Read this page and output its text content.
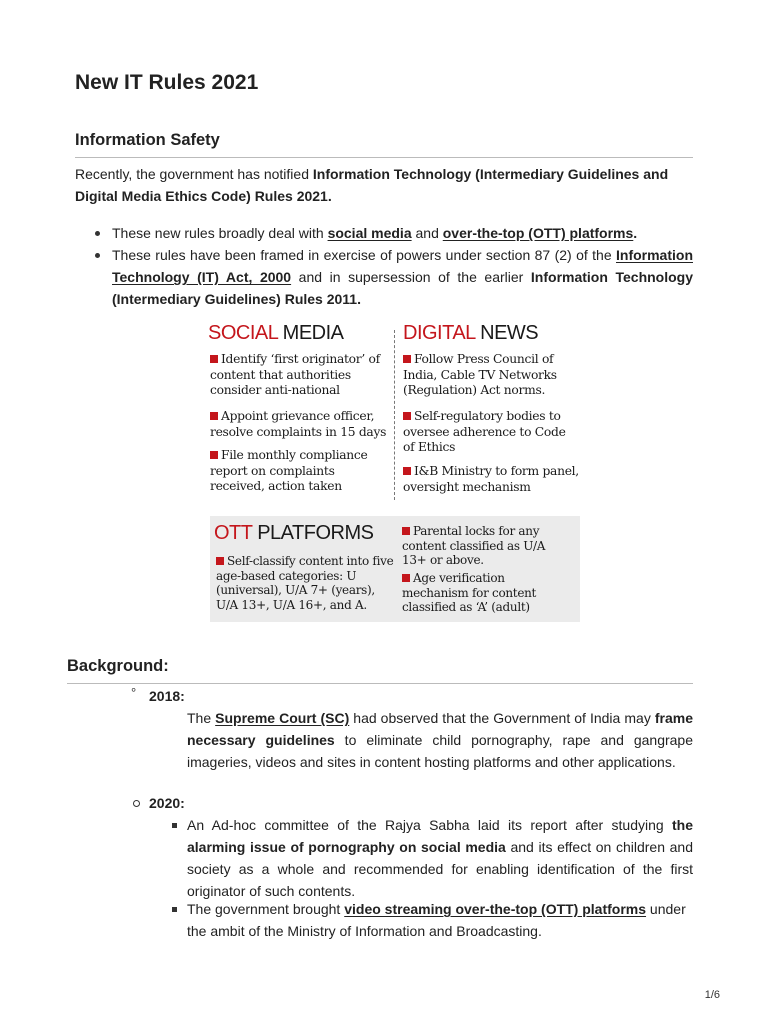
New IT Rules 2021
Information Safety

Recently, the government has notified Information Technology (Intermediary Guidelines and Digital Media Ethics Code) Rules 2021.

These new rules broadly deal with social media and over-the-top (OTT) platforms.
These rules have been framed in exercise of powers under section 87 (2) of the Information Technology (IT) Act, 2000 and in supersession of the earlier Information Technology (Intermediary Guidelines) Rules 2011.
SOCIAL MEDIA
Identify ‘first originator’ of content that authorities consider anti-national
Appoint grievance officer, resolve complaints in 15 days
File monthly compliance report on complaints received, action taken
DIGITAL NEWS
Follow Press Council of India, Cable TV Networks (Regulation) Act norms.
Self-regulatory bodies to oversee adherence to Code of Ethics
I&B Ministry to form panel, oversight mechanism
OTT PLATFORMS
Self-classify content into five age-based categories: U (universal), U/A 7+ (years), U/A 13+, U/A 16+, and A.
Parental locks for any content classified as U/A 13+ or above.
Age verification mechanism for content classified as ‘A’ (adult)
Background:
° 2018:

The Supreme Court (SC) had observed that the Government of India may frame necessary guidelines to eliminate child pornography, rape and gangrape imageries, videos and sites in content hosting platforms and other applications.

2020:

An Ad-hoc committee of the Rajya Sabha laid its report after studying the alarming issue of pornography on social media and its effect on children and society as a whole and recommended for enabling identification of the first originator of such contents.

The government brought video streaming over-the-top (OTT) platforms under the ambit of the Ministry of Information and Broadcasting.

1/6
